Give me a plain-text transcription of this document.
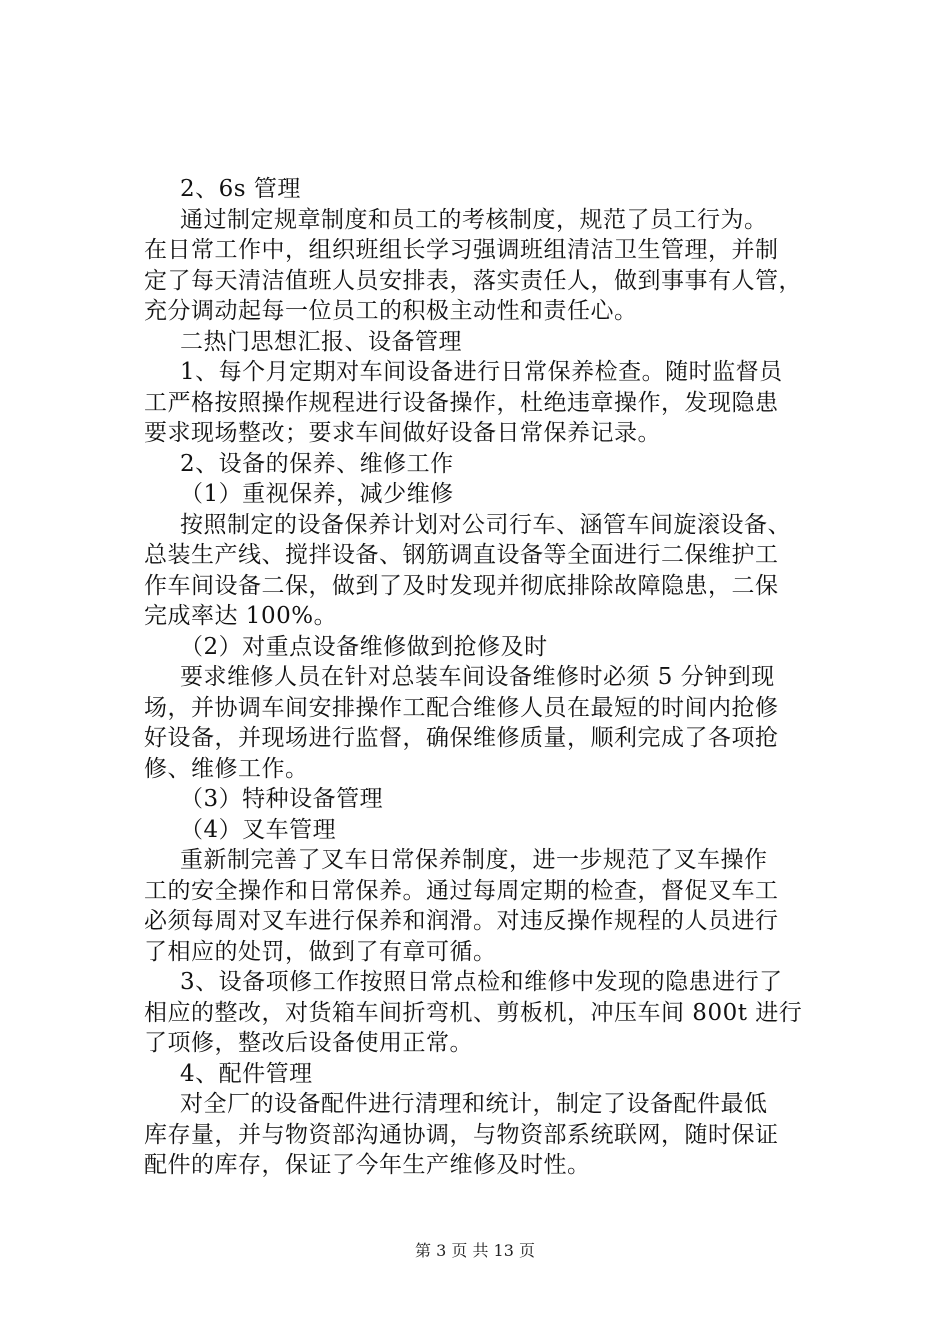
2、6s 管理
通过制定规章制度和员工的考核制度，规范了员工行为。
在日常工作中，组织班组长学习强调班组清洁卫生管理，并制
定了每天清洁值班人员安排表，落实责任人，做到事事有人管，
充分调动起每一位员工的积极主动性和责任心。
二热门思想汇报、设备管理
1、每个月定期对车间设备进行日常保养检查。随时监督员
工严格按照操作规程进行设备操作，杜绝违章操作，发现隐患
要求现场整改；要求车间做好设备日常保养记录。
2、设备的保养、维修工作
（1）重视保养，减少维修
按照制定的设备保养计划对公司行车、涵管车间旋滚设备、
总装生产线、搅拌设备、钢筋调直设备等全面进行二保维护工
作车间设备二保，做到了及时发现并彻底排除故障隐患，二保
完成率达 100%。
（2）对重点设备维修做到抢修及时
要求维修人员在针对总装车间设备维修时必须 5 分钟到现
场，并协调车间安排操作工配合维修人员在最短的时间内抢修
好设备，并现场进行监督，确保维修质量，顺利完成了各项抢
修、维修工作。
（3）特种设备管理
（4）叉车管理
重新制完善了叉车日常保养制度，进一步规范了叉车操作
工的安全操作和日常保养。通过每周定期的检查，督促叉车工
必须每周对叉车进行保养和润滑。对违反操作规程的人员进行
了相应的处罚，做到了有章可循。
3、设备项修工作按照日常点检和维修中发现的隐患进行了
相应的整改，对货箱车间折弯机、剪板机，冲压车间 800t 进行
了项修，整改后设备使用正常。
4、配件管理
对全厂的设备配件进行清理和统计，制定了设备配件最低
库存量，并与物资部沟通协调，与物资部系统联网，随时保证
配件的库存，保证了今年生产维修及时性。
第 3 页 共 13 页
